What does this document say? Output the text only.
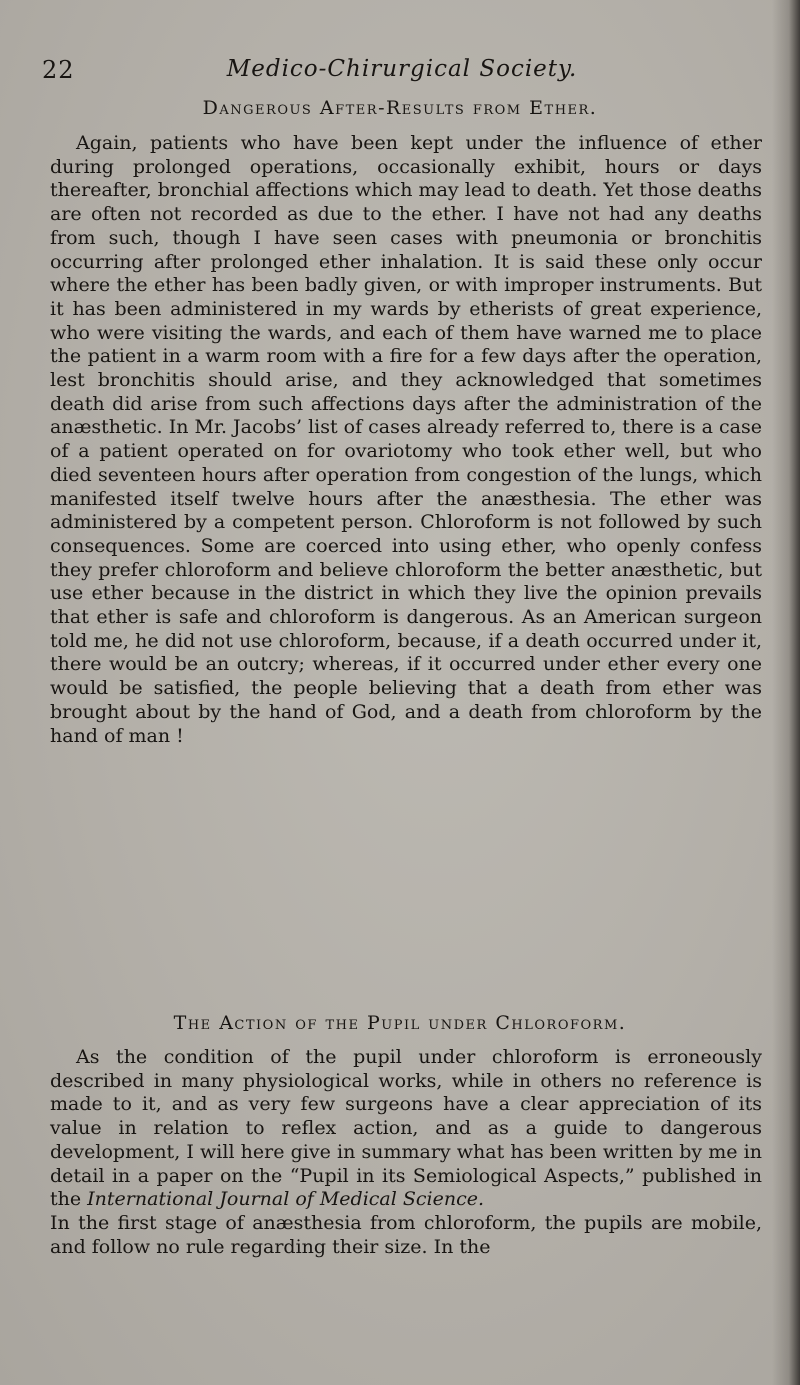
22	Medico-Chirurgical Society.
Dangerous After-Results from Ether.

Again, patients who have been kept under the influence of ether during prolonged operations, occasionally exhibit, hours or days thereafter, bronchial affections which may lead to death. Yet those deaths are often not recorded as due to the ether. I have not had any deaths from such, though I have seen cases with pneumonia or bronchitis occurring after prolonged ether inhalation. It is said these only occur where the ether has been badly given, or with improper instruments. But it has been administered in my wards by etherists of great experience, who were visiting the wards, and each of them have warned me to place the patient in a warm room with a fire for a few days after the operation, lest bronchitis should arise, and they acknowledged that sometimes death did arise from such affections days after the administration of the anæsthetic. In Mr. Jacobs’ list of cases already referred to, there is a case of a patient operated on for ovariotomy who took ether well, but who died seventeen hours after operation from congestion of the lungs, which manifested itself twelve hours after the anæsthesia. The ether was administered by a competent person. Chloroform is not followed by such consequences. Some are coerced into using ether, who openly confess they prefer chloroform and believe chloroform the better anæsthetic, but use ether because in the district in which they live the opinion prevails that ether is safe and chloroform is dangerous. As an American surgeon told me, he did not use chloroform, because, if a death occurred under it, there would be an outcry; whereas, if it occurred under ether every one would be satisfied, the people believing that a death from ether was brought about by the hand of God, and a death from chloroform by the hand of man !

The Action of the Pupil under Chloroform.

As the condition of the pupil under chloroform is erroneously described in many physiological works, while in others no reference is made to it, and as very few surgeons have a clear appreciation of its value in relation to reflex action, and as a guide to dangerous development, I will here give in summary what has been written by me in detail in a paper on the “Pupil in its Semiological Aspects,” published in the International Journal of Medical Science.

In the first stage of anæsthesia from chloroform, the pupils are mobile, and follow no rule regarding their size. In the
